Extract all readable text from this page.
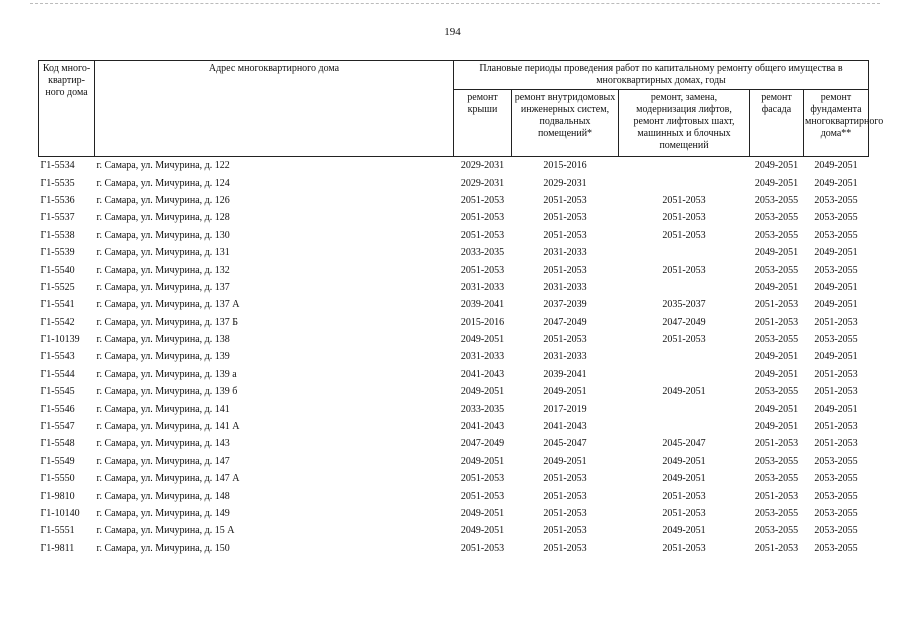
194
Код много-
квартир-
ного дома	Адрес многоквартирного дома	Плановые периоды проведения работ по капитальному ремонту общего имущества в многоквартирных домах, годы				
		ремонт крыши	ремонт внутридомовых инженерных систем, подвальных помещений*	ремонт, замена, модернизация лифтов, ремонт лифтовых шахт, машинных и блочных помещений	ремонт фасада	ремонт фундамента многоквартирного дома**
Г1-5534	г. Самара, ул. Мичурина, д. 122	2029-2031	2015-2016		2049-2051	2049-2051
Г1-5535	г. Самара, ул. Мичурина, д. 124	2029-2031	2029-2031		2049-2051	2049-2051
Г1-5536	г. Самара, ул. Мичурина, д. 126	2051-2053	2051-2053	2051-2053	2053-2055	2053-2055
Г1-5537	г. Самара, ул. Мичурина, д. 128	2051-2053	2051-2053	2051-2053	2053-2055	2053-2055
Г1-5538	г. Самара, ул. Мичурина, д. 130	2051-2053	2051-2053	2051-2053	2053-2055	2053-2055
Г1-5539	г. Самара, ул. Мичурина, д. 131	2033-2035	2031-2033		2049-2051	2049-2051
Г1-5540	г. Самара, ул. Мичурина, д. 132	2051-2053	2051-2053	2051-2053	2053-2055	2053-2055
Г1-5525	г. Самара, ул. Мичурина, д. 137	2031-2033	2031-2033		2049-2051	2049-2051
Г1-5541	г. Самара, ул. Мичурина, д. 137 А	2039-2041	2037-2039	2035-2037	2051-2053	2049-2051
Г1-5542	г. Самара, ул. Мичурина, д. 137 Б	2015-2016	2047-2049	2047-2049	2051-2053	2051-2053
Г1-10139	г. Самара, ул. Мичурина, д. 138	2049-2051	2051-2053	2051-2053	2053-2055	2053-2055
Г1-5543	г. Самара, ул. Мичурина, д. 139	2031-2033	2031-2033		2049-2051	2049-2051
Г1-5544	г. Самара, ул. Мичурина, д. 139 а	2041-2043	2039-2041		2049-2051	2051-2053
Г1-5545	г. Самара, ул. Мичурина, д. 139 б	2049-2051	2049-2051	2049-2051	2053-2055	2051-2053
Г1-5546	г. Самара, ул. Мичурина, д. 141	2033-2035	2017-2019		2049-2051	2049-2051
Г1-5547	г. Самара, ул. Мичурина, д. 141 А	2041-2043	2041-2043		2049-2051	2051-2053
Г1-5548	г. Самара, ул. Мичурина, д. 143	2047-2049	2045-2047	2045-2047	2051-2053	2051-2053
Г1-5549	г. Самара, ул. Мичурина, д. 147	2049-2051	2049-2051	2049-2051	2053-2055	2053-2055
Г1-5550	г. Самара, ул. Мичурина, д. 147 А	2051-2053	2051-2053	2049-2051	2053-2055	2053-2055
Г1-9810	г. Самара, ул. Мичурина, д. 148	2051-2053	2051-2053	2051-2053	2051-2053	2053-2055
Г1-10140	г. Самара, ул. Мичурина, д. 149	2049-2051	2051-2053	2051-2053	2053-2055	2053-2055
Г1-5551	г. Самара, ул. Мичурина, д. 15 А	2049-2051	2051-2053	2049-2051	2053-2055	2053-2055
Г1-9811	г. Самара, ул. Мичурина, д. 150	2051-2053	2051-2053	2051-2053	2051-2053	2053-2055
